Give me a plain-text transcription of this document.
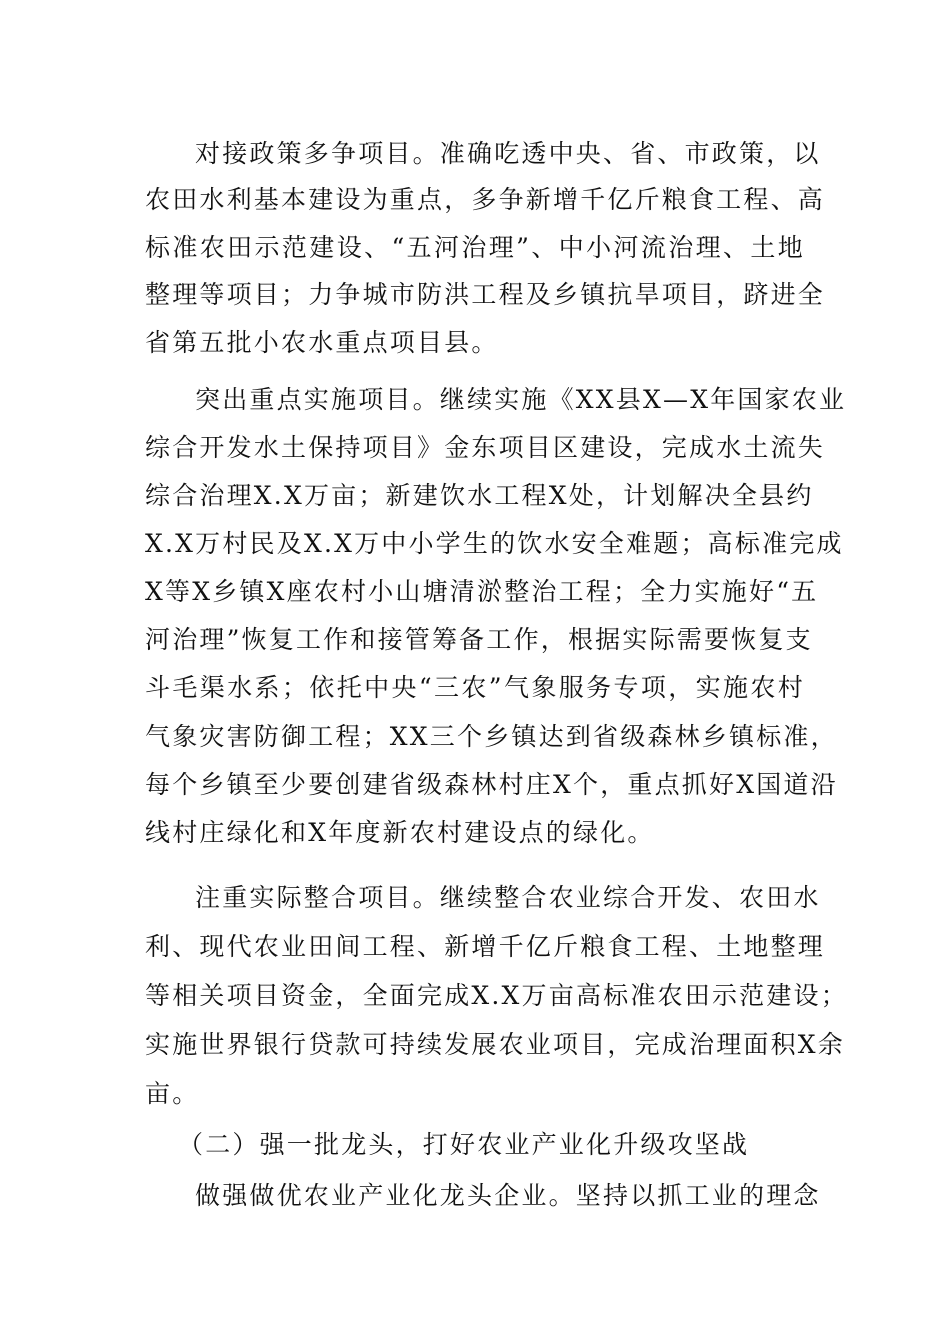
对接政策多争项目。准确吃透中央、省、市政策，以
农田水利基本建设为重点，多争新增千亿斤粮食工程、高
标准农田示范建设、“五河治理”、中小河流治理、土地
整理等项目；力争城市防洪工程及乡镇抗旱项目，跻进全
省第五批小农水重点项目县。
突出重点实施项目。继续实施《XX县X—X年国家农业
综合开发水土保持项目》金东项目区建设，完成水土流失
综合治理X.X万亩；新建饮水工程X处，计划解决全县约
X.X万村民及X.X万中小学生的饮水安全难题；高标准完成
X等X乡镇X座农村小山塘清淤整治工程；全力实施好“五
河治理”恢复工作和接管筹备工作，根据实际需要恢复支
斗毛渠水系；依托中央“三农”气象服务专项，实施农村
气象灾害防御工程；XX三个乡镇达到省级森林乡镇标准，
每个乡镇至少要创建省级森林村庄X个，重点抓好X国道沿
线村庄绿化和X年度新农村建设点的绿化。
注重实际整合项目。继续整合农业综合开发、农田水
利、现代农业田间工程、新增千亿斤粮食工程、土地整理
等相关项目资金，全面完成X.X万亩高标准农田示范建设；
实施世界银行贷款可持续发展农业项目，完成治理面积X余
亩。
（二）强一批龙头，打好农业产业化升级攻坚战
做强做优农业产业化龙头企业。坚持以抓工业的理念
